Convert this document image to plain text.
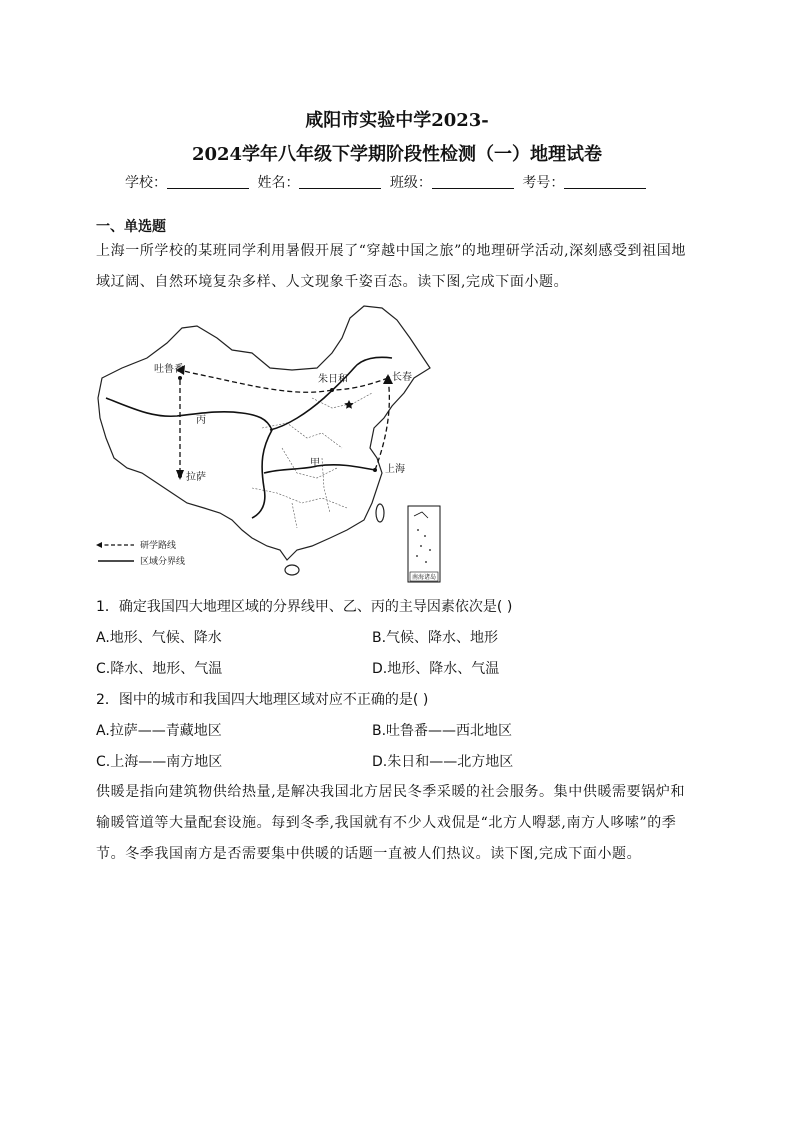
咸阳市实验中学2023-
2024学年八年级下学期阶段性检测（一）地理试卷
学校：	姓名：	班级：	考号：
一、单选题
上海一所学校的某班同学利用暑假开展了“穿越中国之旅”的地理研学活动,深刻感受到祖国地域辽阔、自然环境复杂多样、人文现象千姿百态。读下图,完成下面小题。
吐鲁番
朱日和	长春
拉萨
上海
丙
甲
研学路线
区域分界线
南海诸岛
1．确定我国四大地理区域的分界线甲、乙、丙的主导因素依次是( )
A.地形、气候、降水	B.气候、降水、地形
C.降水、地形、气温	D.地形、降水、气温
2．图中的城市和我国四大地理区域对应不正确的是( )
A.拉萨——青藏地区	B.吐鲁番——西北地区
C.上海——南方地区	D.朱日和——北方地区
供暖是指向建筑物供给热量,是解决我国北方居民冬季采暖的社会服务。集中供暖需要锅炉和输暖管道等大量配套设施。每到冬季,我国就有不少人戏侃是“北方人嘚瑟,南方人哆嗦”的季节。冬季我国南方是否需要集中供暖的话题一直被人们热议。读下图,完成下面小题。
